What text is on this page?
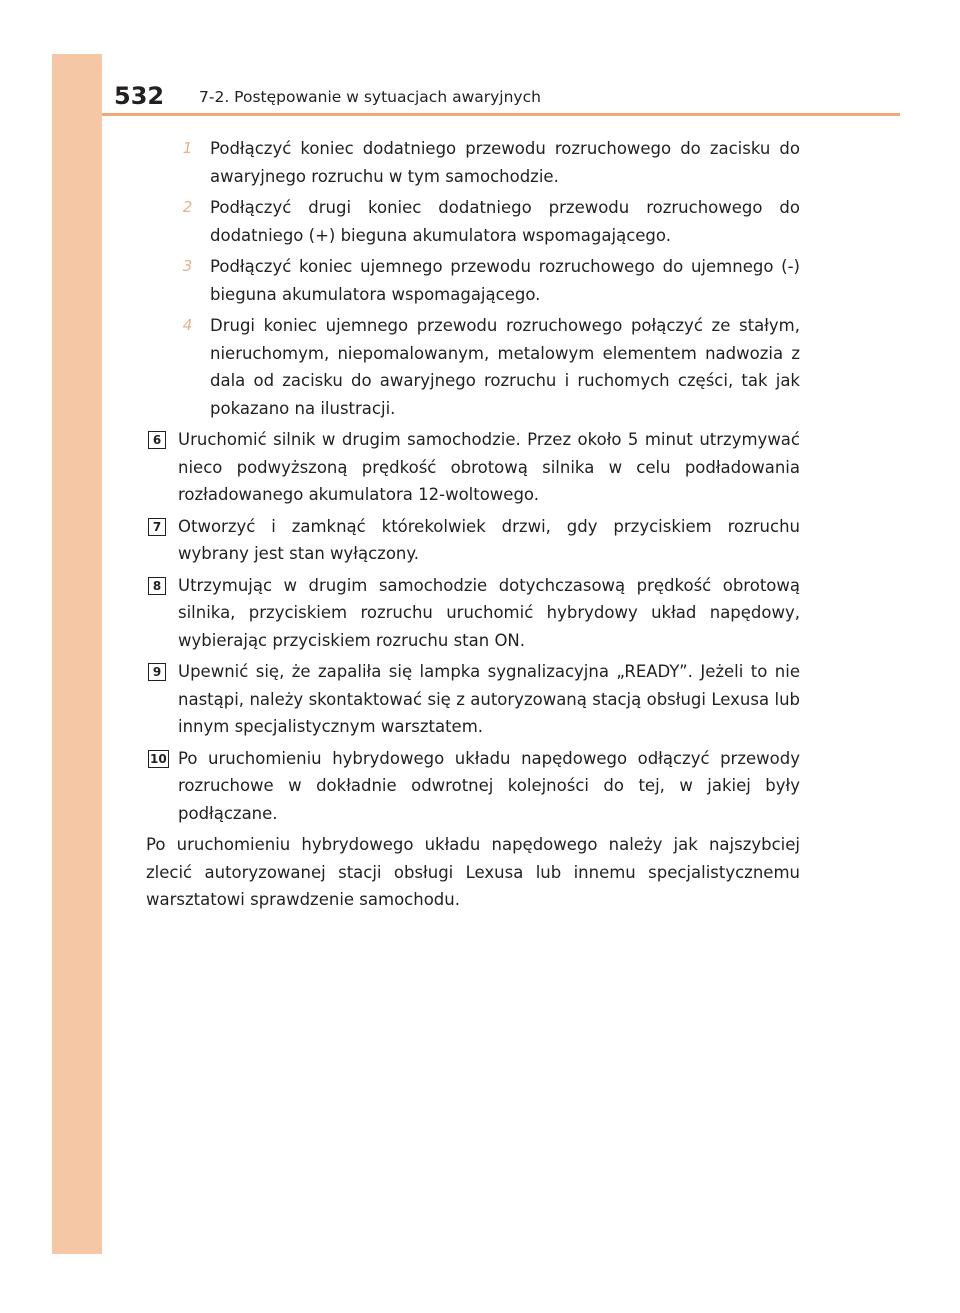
532 7-2. Postępowanie w sytuacjach awaryjnych
1 Podłączyć koniec dodatniego przewodu rozruchowego do zacisku do awaryjnego rozruchu w tym samochodzie.
2 Podłączyć drugi koniec dodatniego przewodu rozruchowego do dodatniego (+) bieguna akumulatora wspomagającego.
3 Podłączyć koniec ujemnego przewodu rozruchowego do ujemnego (-) bieguna akumulatora wspomagającego.
4 Drugi koniec ujemnego przewodu rozruchowego połączyć ze stałym, nieruchomym, niepomalowanym, metalowym elementem nadwozia z dala od zacisku do awaryjnego rozruchu i ruchomych części, tak jak pokazano na ilustracji.
6 Uruchomić silnik w drugim samochodzie. Przez około 5 minut utrzymywać nieco podwyższoną prędkość obrotową silnika w celu podładowania rozładowanego akumulatora 12-woltowego.
7 Otworzyć i zamknąć którekolwiek drzwi, gdy przyciskiem rozruchu wybrany jest stan wyłączony.
8 Utrzymując w drugim samochodzie dotychczasową prędkość obrotową silnika, przyciskiem rozruchu uruchomić hybrydowy układ napędowy, wybierając przyciskiem rozruchu stan ON.
9 Upewnić się, że zapaliła się lampka sygnalizacyjna „READY”. Jeżeli to nie nastąpi, należy skontaktować się z autoryzowaną stacją obsługi Lexusa lub innym specjalistycznym warsztatem.
10 Po uruchomieniu hybrydowego układu napędowego odłączyć przewody rozruchowe w dokładnie odwrotnej kolejności do tej, w jakiej były podłączane.

Po uruchomieniu hybrydowego układu napędowego należy jak najszybciej zlecić autoryzowanej stacji obsługi Lexusa lub innemu specjalistycznemu warsztatowi sprawdzenie samochodu.
